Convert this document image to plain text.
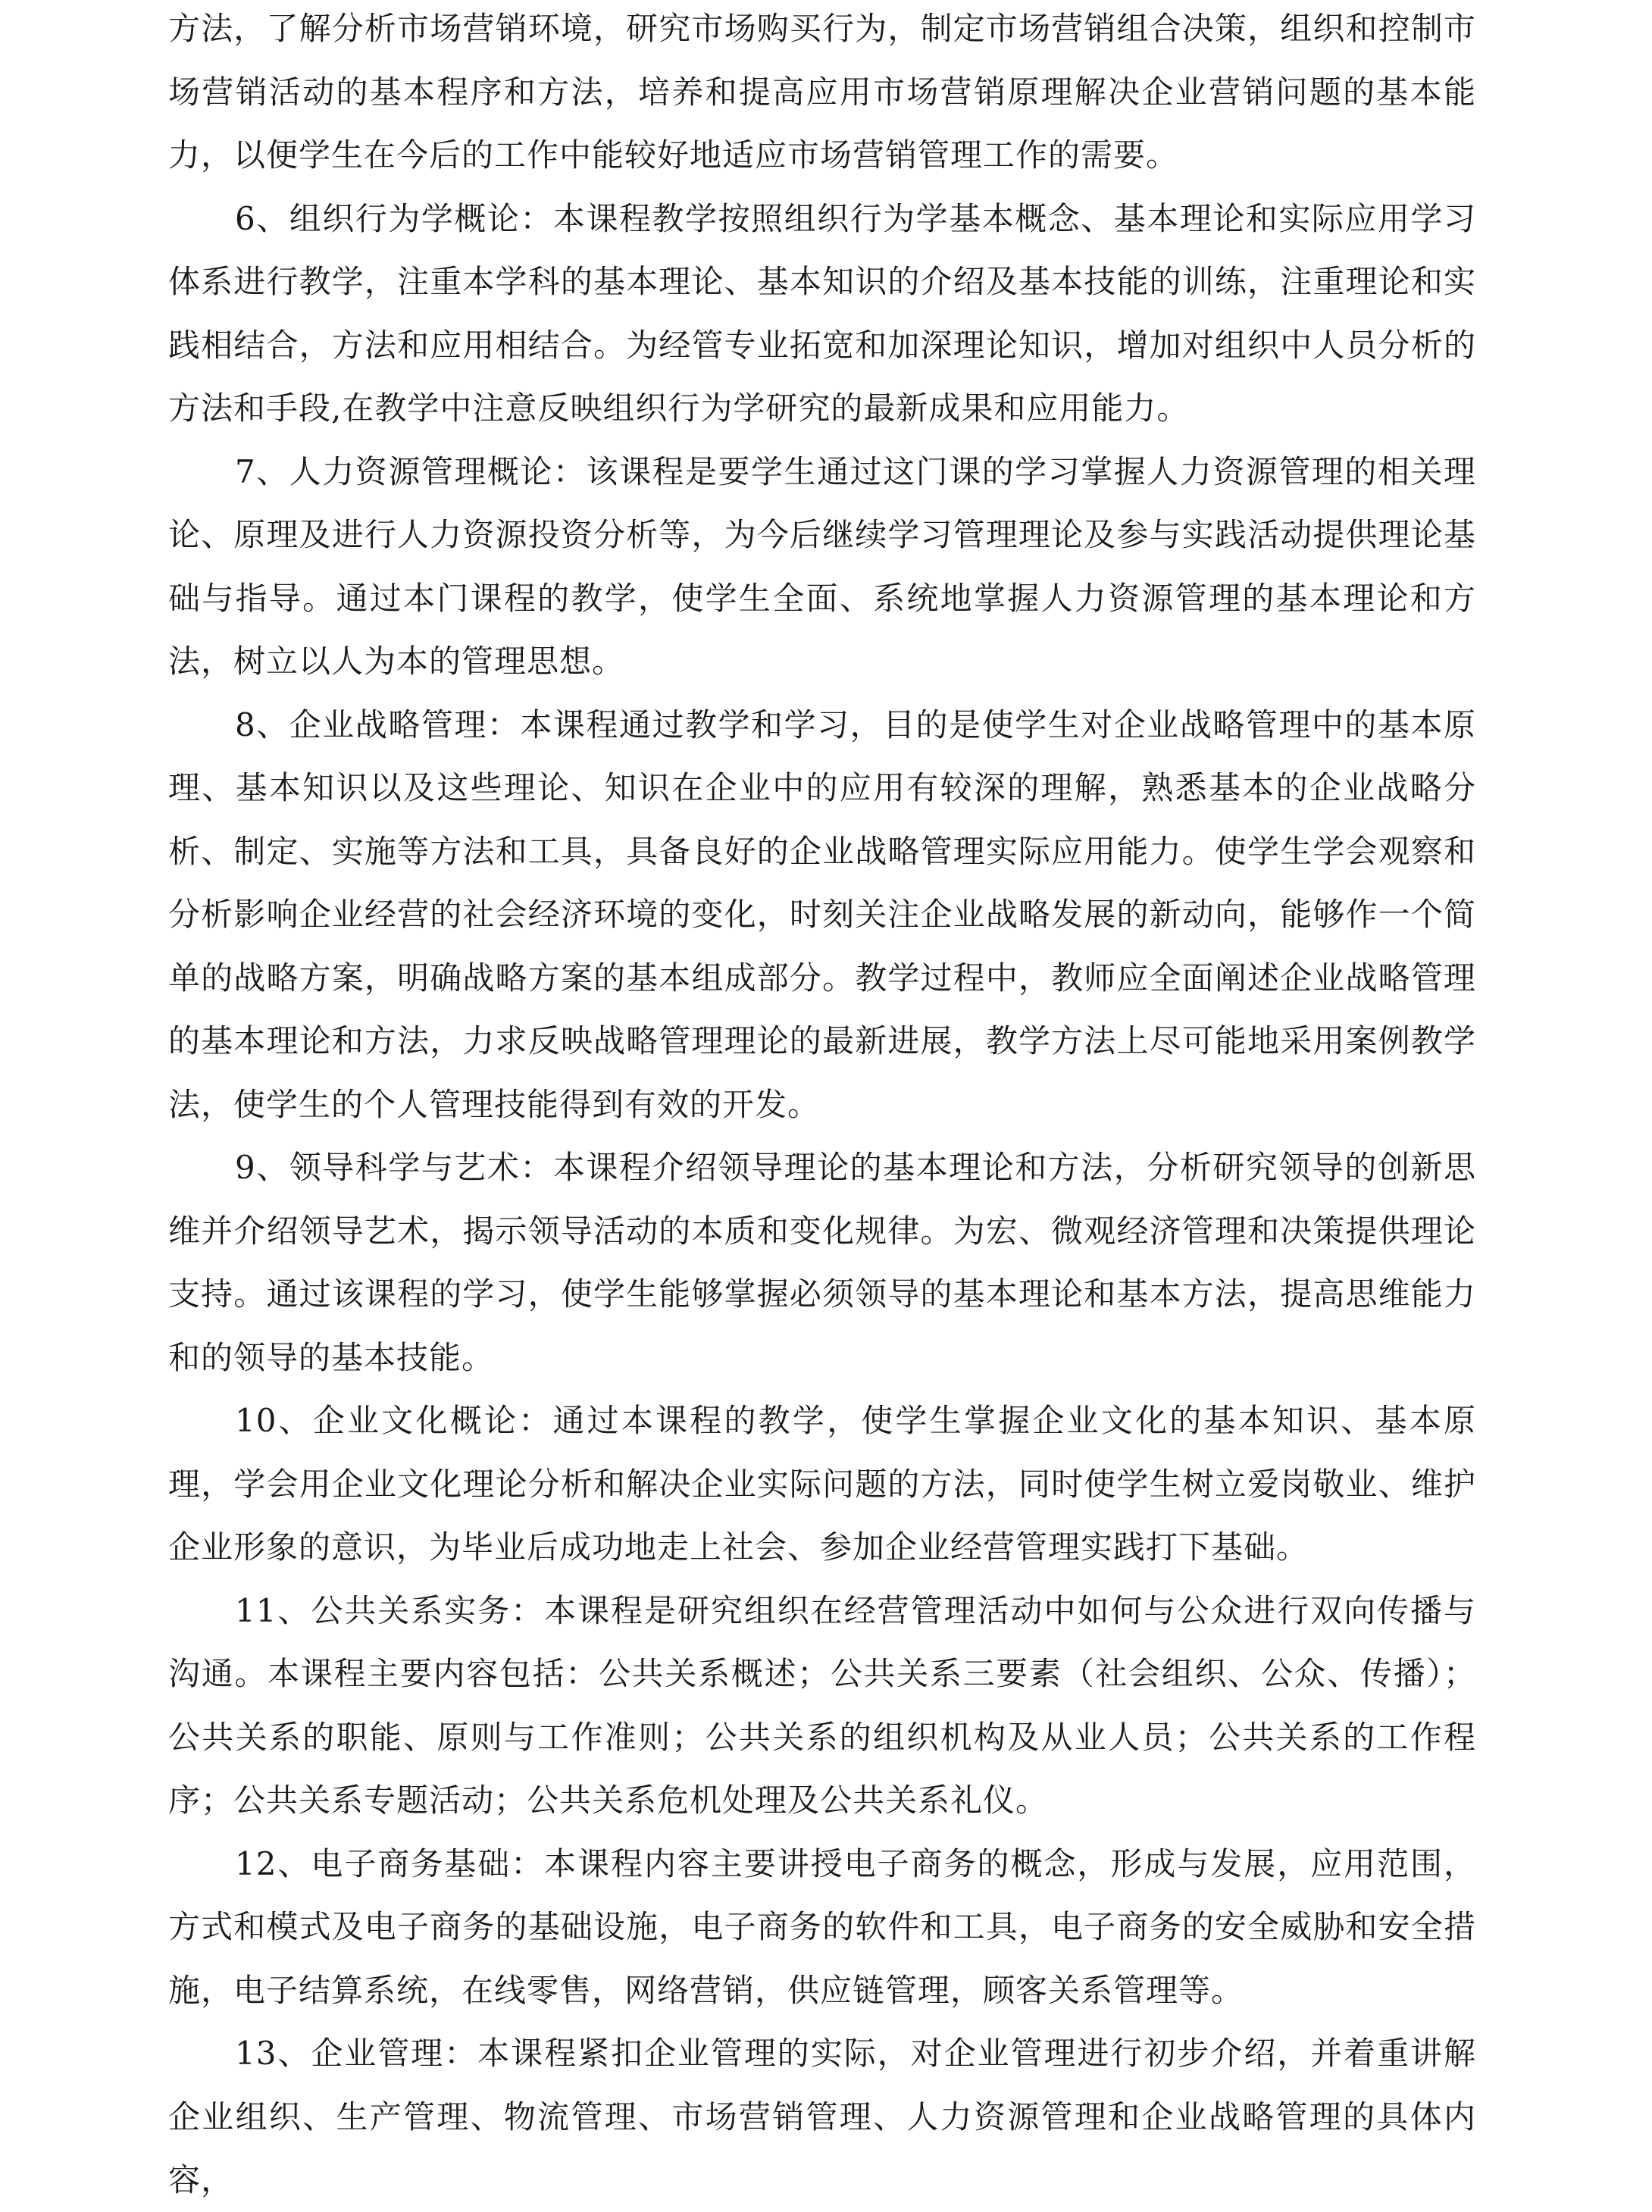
方法，了解分析市场营销环境，研究市场购买行为，制定市场营销组合决策，组织和控制市场营销活动的基本程序和方法，培养和提高应用市场营销原理解决企业营销问题的基本能力，以便学生在今后的工作中能较好地适应市场营销管理工作的需要。

6、组织行为学概论：本课程教学按照组织行为学基本概念、基本理论和实际应用学习体系进行教学，注重本学科的基本理论、基本知识的介绍及基本技能的训练，注重理论和实践相结合，方法和应用相结合。为经管专业拓宽和加深理论知识，增加对组织中人员分析的方法和手段,在教学中注意反映组织行为学研究的最新成果和应用能力。

7、人力资源管理概论：该课程是要学生通过这门课的学习掌握人力资源管理的相关理论、原理及进行人力资源投资分析等，为今后继续学习管理理论及参与实践活动提供理论基础与指导。通过本门课程的教学，使学生全面、系统地掌握人力资源管理的基本理论和方法，树立以人为本的管理思想。

8、企业战略管理：本课程通过教学和学习，目的是使学生对企业战略管理中的基本原理、基本知识以及这些理论、知识在企业中的应用有较深的理解，熟悉基本的企业战略分析、制定、实施等方法和工具，具备良好的企业战略管理实际应用能力。使学生学会观察和分析影响企业经营的社会经济环境的变化，时刻关注企业战略发展的新动向，能够作一个简单的战略方案，明确战略方案的基本组成部分。教学过程中，教师应全面阐述企业战略管理的基本理论和方法，力求反映战略管理理论的最新进展，教学方法上尽可能地采用案例教学法，使学生的个人管理技能得到有效的开发。

9、领导科学与艺术：本课程介绍领导理论的基本理论和方法，分析研究领导的创新思维并介绍领导艺术，揭示领导活动的本质和变化规律。为宏、微观经济管理和决策提供理论支持。通过该课程的学习，使学生能够掌握必须领导的基本理论和基本方法，提高思维能力和的领导的基本技能。

10、企业文化概论：通过本课程的教学，使学生掌握企业文化的基本知识、基本原理，学会用企业文化理论分析和解决企业实际问题的方法，同时使学生树立爱岗敬业、维护企业形象的意识，为毕业后成功地走上社会、参加企业经营管理实践打下基础。

11、公共关系实务：本课程是研究组织在经营管理活动中如何与公众进行双向传播与沟通。本课程主要内容包括：公共关系概述；公共关系三要素（社会组织、公众、传播）；公共关系的职能、原则与工作准则；公共关系的组织机构及从业人员；公共关系的工作程序；公共关系专题活动；公共关系危机处理及公共关系礼仪。

12、电子商务基础：本课程内容主要讲授电子商务的概念，形成与发展，应用范围，方式和模式及电子商务的基础设施，电子商务的软件和工具，电子商务的安全威胁和安全措施，电子结算系统，在线零售，网络营销，供应链管理，顾客关系管理等。

13、企业管理：本课程紧扣企业管理的实际，对企业管理进行初步介绍，并着重讲解企业组织、生产管理、物流管理、市场营销管理、人力资源管理和企业战略管理的具体内容，
